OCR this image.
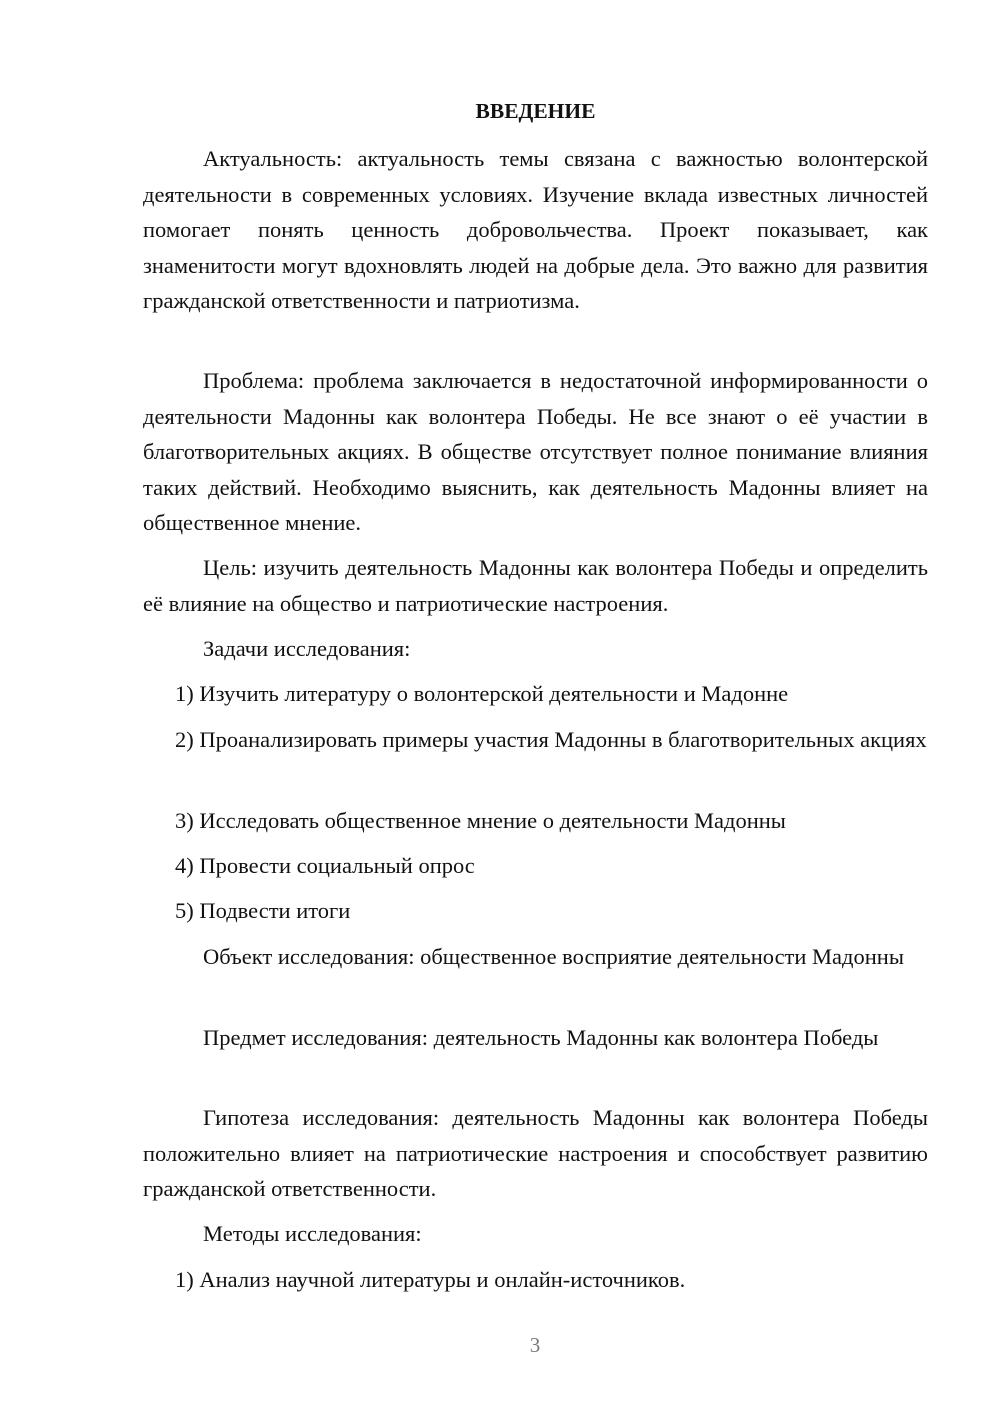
ВВЕДЕНИЕ

Актуальность: актуальность темы связана с важностью волонтерской деятельности в современных условиях. Изучение вклада известных личностей помогает понять ценность добровольчества. Проект показывает, как знаменитости могут вдохновлять людей на добрые дела. Это важно для развития гражданской ответственности и патриотизма.

Проблема: проблема заключается в недостаточной информированности о деятельности Мадонны как волонтера Победы. Не все знают о её участии в благотворительных акциях. В обществе отсутствует полное понимание влияния таких действий. Необходимо выяснить, как деятельность Мадонны влияет на общественное мнение.

Цель: изучить деятельность Мадонны как волонтера Победы и определить её влияние на общество и патриотические настроения.

Задачи исследования:

1) Изучить литературу о волонтерской деятельности и Мадонне

2) Проанализировать примеры участия Мадонны в благотворительных акциях

3) Исследовать общественное мнение о деятельности Мадонны

4) Провести социальный опрос

5) Подвести итоги

Объект исследования: общественное восприятие деятельности Мадонны

Предмет исследования: деятельность Мадонны как волонтера Победы

Гипотеза исследования: деятельность Мадонны как волонтера Победы положительно влияет на патриотические настроения и способствует развитию гражданской ответственности.

Методы исследования:

1) Анализ научной литературы и онлайн-источников.

3
